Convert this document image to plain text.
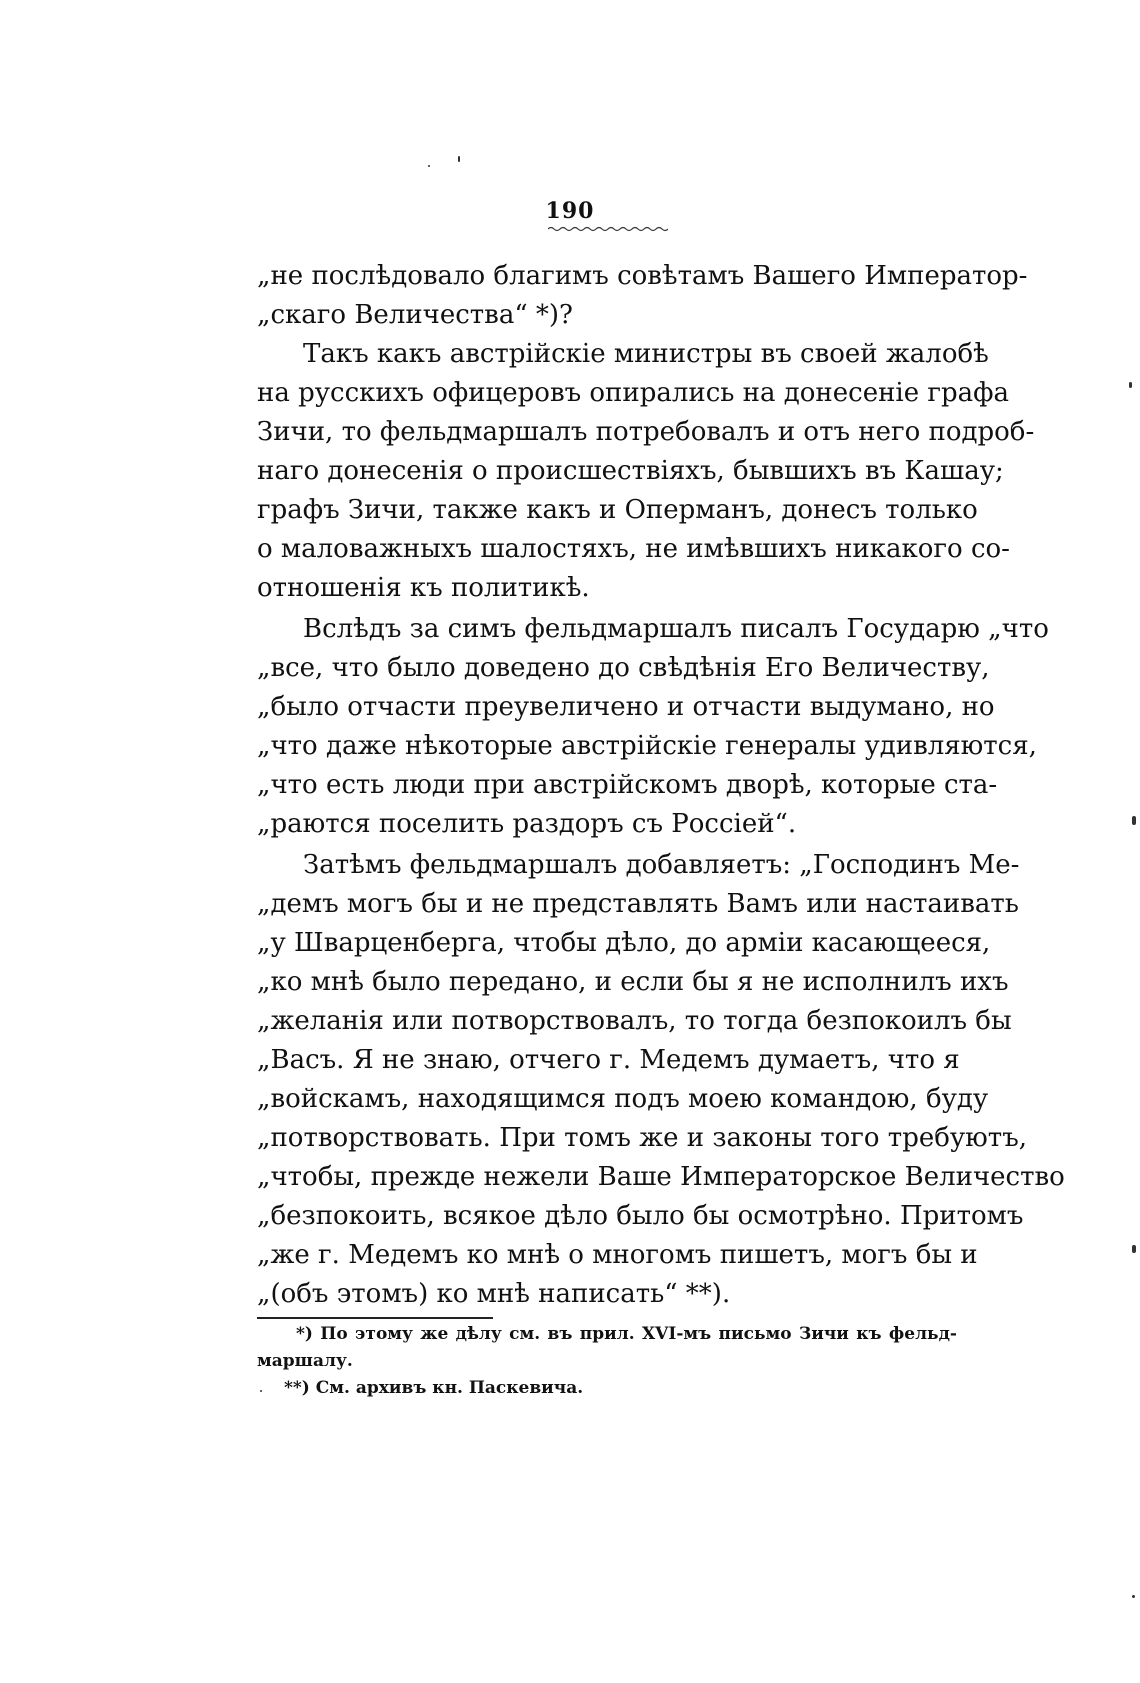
190
„не послѣдовало благимъ совѣтамъ Вашего Император-
„скаго Величества“ *)?
Такъ какъ австрійскіе министры въ своей жалобѣ
на русскихъ офицеровъ опирались на донесеніе графа
Зичи, то фельдмаршалъ потребовалъ и отъ него подроб-
наго донесенія о происшествіяхъ, бывшихъ въ Кашау;
графъ Зичи, также какъ и Оперманъ, донесъ только
о маловажныхъ шалостяхъ, не имѣвшихъ никакого со-
отношенія къ политикѣ.
Вслѣдъ за симъ фельдмаршалъ писалъ Государю „что
„все, что было доведено до свѣдѣнія Его Величеству,
„было отчасти преувеличено и отчасти выдумано, но
„что даже нѣкоторые австрійскіе генералы удивляются,
„что есть люди при австрійскомъ дворѣ, которые ста-
„раются поселить раздоръ съ Россіей“.
Затѣмъ фельдмаршалъ добавляетъ: „Господинъ Ме-
„демъ могъ бы и не представлять Вамъ или настаивать
„у Шварценберга, чтобы дѣло, до арміи касающееся,
„ко мнѣ было передано, и если бы я не исполнилъ ихъ
„желанія или потворствовалъ, то тогда безпокоилъ бы
„Васъ. Я не знаю, отчего г. Медемъ думаетъ, что я
„войскамъ, находящимся подъ моею командою, буду
„потворствовать. При томъ же и законы того требуютъ,
„чтобы, прежде нежели Ваше Императорское Величество
„безпокоить, всякое дѣло было бы осмотрѣно. Притомъ
„же г. Медемъ ко мнѣ о многомъ пишетъ, могъ бы и
„(объ этомъ) ко мнѣ написать“ **).
*) По этому же дѣлу см. въ прил. XVI-мъ письмо Зичи къ фельд-
маршалу.
**) См. архивъ кн. Паскевича.
